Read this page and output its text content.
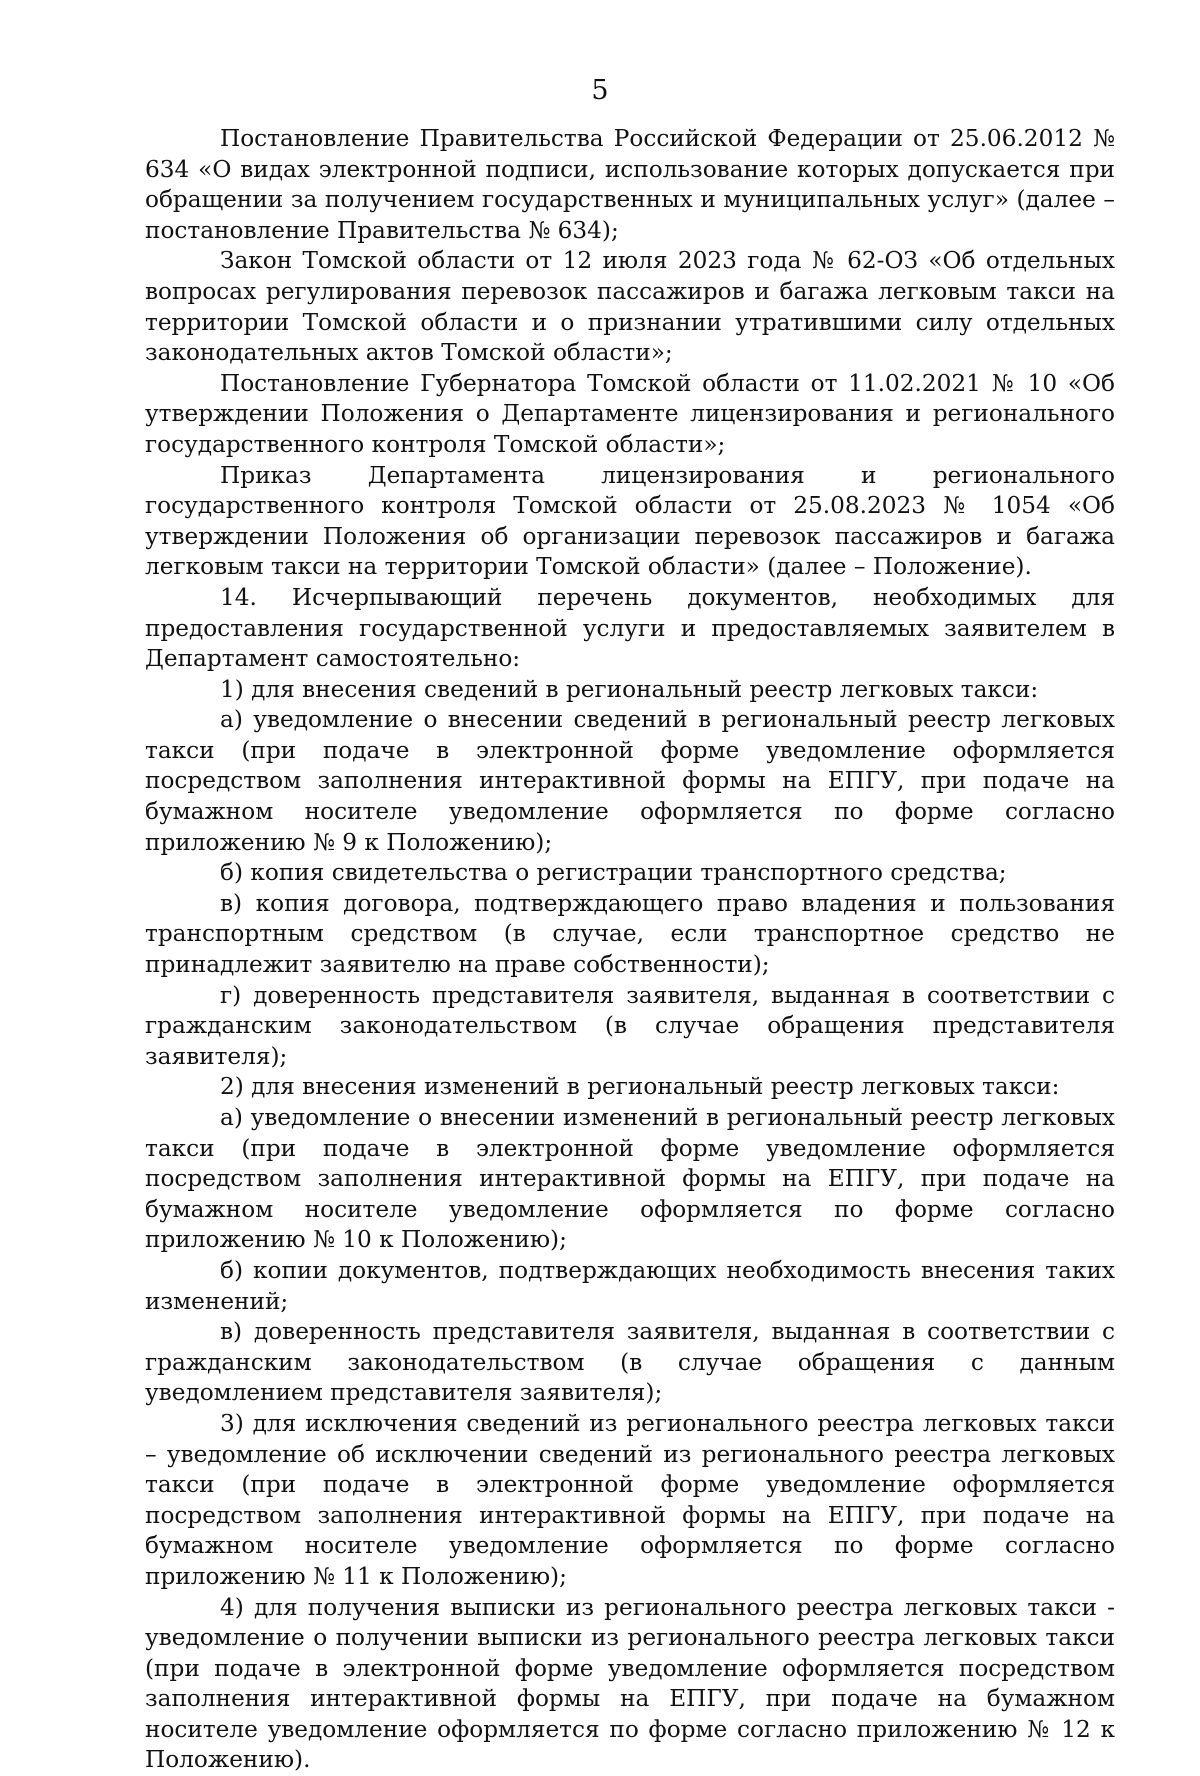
5

Постановление Правительства Российской Федерации от 25.06.2012 № 634 «О видах электронной подписи, использование которых допускается при обращении за получением государственных и муниципальных услуг» (далее – постановление Правительства № 634);

Закон Томской области от 12 июля 2023 года № 62-ОЗ «Об отдельных вопросах регулирования перевозок пассажиров и багажа легковым такси на территории Томской области и о признании утратившими силу отдельных законодательных актов Томской области»;

Постановление Губернатора Томской области от 11.02.2021 № 10 «Об утверждении Положения о Департаменте лицензирования и регионального государственного контроля Томской области»;

Приказ Департамента лицензирования и регионального государственного контроля Томской области от 25.08.2023 № 1054 «Об утверждении Положения об организации перевозок пассажиров и багажа легковым такси на территории Томской области» (далее – Положение).

14. Исчерпывающий перечень документов, необходимых для предоставления государственной услуги и предоставляемых заявителем в Департамент самостоятельно:

1) для внесения сведений в региональный реестр легковых такси:

а) уведомление о внесении сведений в региональный реестр легковых такси (при подаче в электронной форме уведомление оформляется посредством заполнения интерактивной формы на ЕПГУ, при подаче на бумажном носителе уведомление оформляется по форме согласно приложению № 9 к Положению);

б) копия свидетельства о регистрации транспортного средства;

в) копия договора, подтверждающего право владения и пользования транспортным средством (в случае, если транспортное средство не принадлежит заявителю на праве собственности);

г) доверенность представителя заявителя, выданная в соответствии с гражданским законодательством (в случае обращения представителя заявителя);

2) для внесения изменений в региональный реестр легковых такси:

а) уведомление о внесении изменений в региональный реестр легковых такси (при подаче в электронной форме уведомление оформляется посредством заполнения интерактивной формы на ЕПГУ, при подаче на бумажном носителе уведомление оформляется по форме согласно приложению № 10 к Положению);

б) копии документов, подтверждающих необходимость внесения таких изменений;

в) доверенность представителя заявителя, выданная в соответствии с гражданским законодательством (в случае обращения с данным уведомлением представителя заявителя);

3) для исключения сведений из регионального реестра легковых такси – уведомление об исключении сведений из регионального реестра легковых такси (при подаче в электронной форме уведомление оформляется посредством заполнения интерактивной формы на ЕПГУ, при подаче на бумажном носителе уведомление оформляется по форме согласно приложению № 11 к Положению);

4) для получения выписки из регионального реестра легковых такси - уведомление о получении выписки из регионального реестра легковых такси (при подаче в электронной форме уведомление оформляется посредством заполнения интерактивной формы на ЕПГУ, при подаче на бумажном носителе уведомление оформляется по форме согласно приложению № 12 к Положению).
